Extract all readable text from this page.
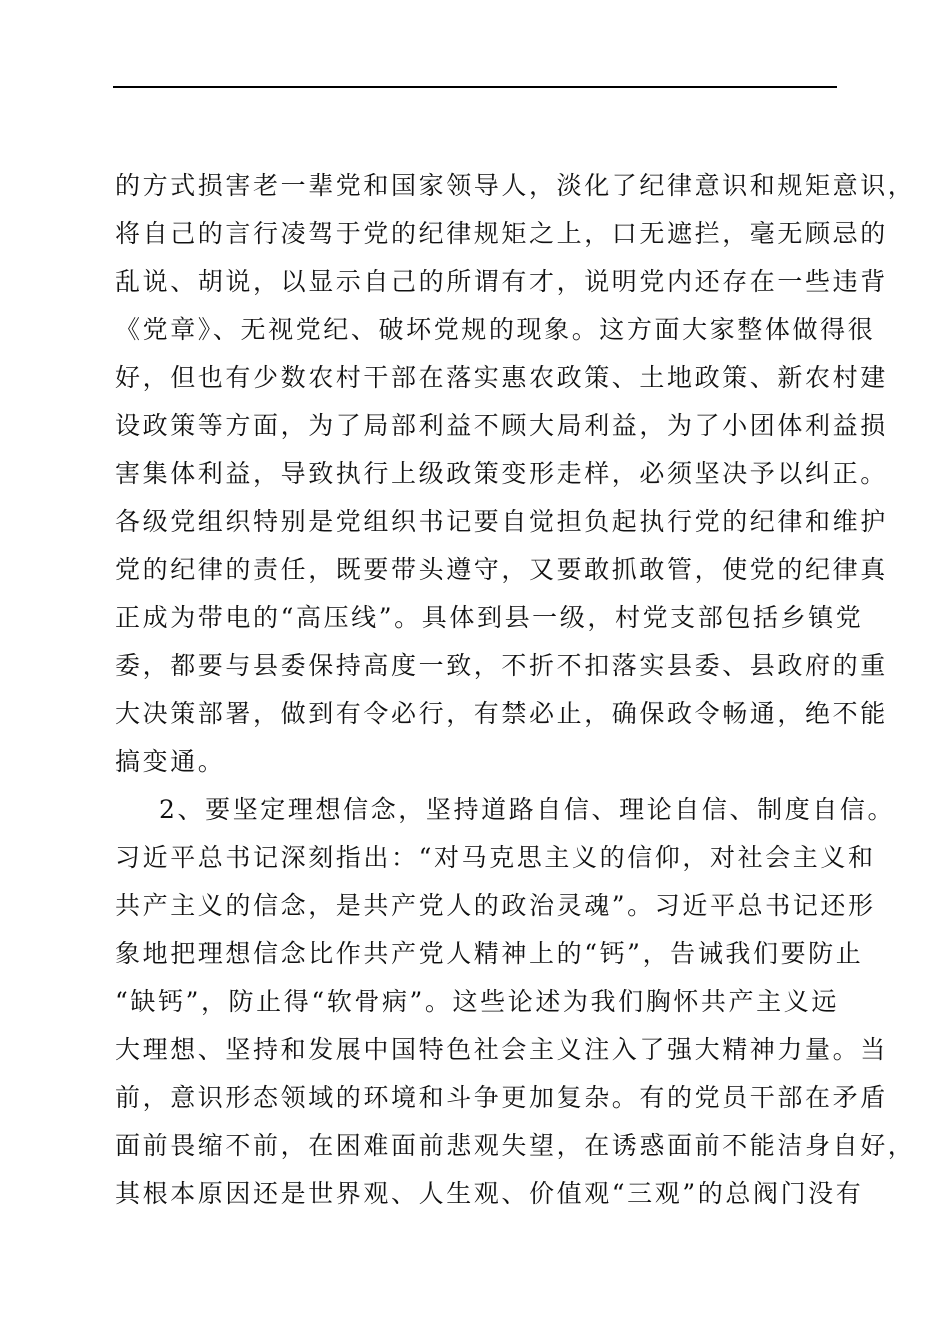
的方式损害老一辈党和国家领导人，淡化了纪律意识和规矩意识，
将自己的言行凌驾于党的纪律规矩之上，口无遮拦，毫无顾忌的
乱说、胡说，以显示自己的所谓有才，说明党内还存在一些违背
《党章》、无视党纪、破坏党规的现象。这方面大家整体做得很
好，但也有少数农村干部在落实惠农政策、土地政策、新农村建
设政策等方面，为了局部利益不顾大局利益，为了小团体利益损
害集体利益，导致执行上级政策变形走样，必须坚决予以纠正。
各级党组织特别是党组织书记要自觉担负起执行党的纪律和维护
党的纪律的责任，既要带头遵守，又要敢抓敢管，使党的纪律真
正成为带电的“高压线”。具体到县一级，村党支部包括乡镇党
委，都要与县委保持高度一致，不折不扣落实县委、县政府的重
大决策部署，做到有令必行，有禁必止，确保政令畅通，绝不能
搞变通。
2、要坚定理想信念，坚持道路自信、理论自信、制度自信。
习近平总书记深刻指出：“对马克思主义的信仰，对社会主义和
共产主义的信念，是共产党人的政治灵魂”。习近平总书记还形
象地把理想信念比作共产党人精神上的“钙”，告诫我们要防止
“缺钙”，防止得“软骨病”。这些论述为我们胸怀共产主义远
大理想、坚持和发展中国特色社会主义注入了强大精神力量。当
前，意识形态领域的环境和斗争更加复杂。有的党员干部在矛盾
面前畏缩不前，在困难面前悲观失望，在诱惑面前不能洁身自好，
其根本原因还是世界观、人生观、价值观“三观”的总阀门没有
